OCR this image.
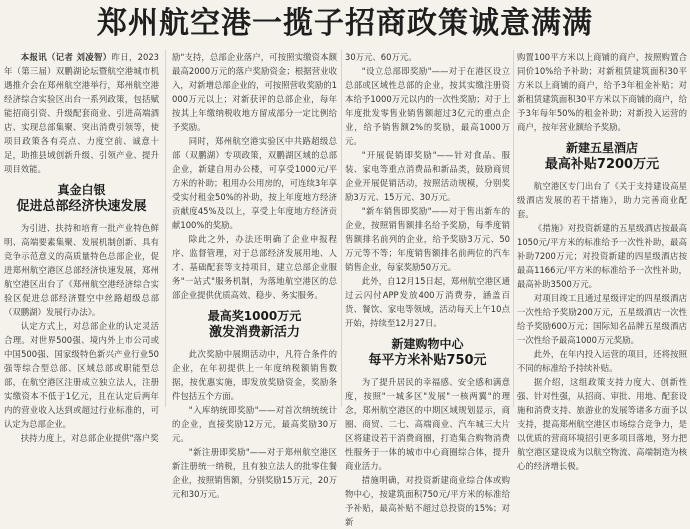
郑州航空港一揽子招商政策诚意满满

本报讯（记者 刘凌智）昨日，2023年（第三届）双鹏湖论坛暨航空港城市机遇推介会在郑州航空港举行，郑州航空港经济综合实验区出台一系列政策，包括赋能招商引资、升级配套商业、引进高端酒店、实现总部集聚、突出消费引领等，使项目政策各有亮点、力度空前、诚意十足，助推县域创新升级、引领产业、提升项目效能。

真金白银
促进总部经济快速发展

为引进、扶持和培育一批产业特色鲜明、高端要素集聚、发展机制创新、具有竞争示范意义的高质量特色总部企业，促进郑州航空港区总部经济快速发展，郑州航空港区出台了《郑州航空港经济综合实验区促进总部经济暨空中丝路超级总部（双鹏湖）发展行办法》。

认定方式上，对总部企业的认定灵活合理。对世界500强、境内外上市公司或中国500强、国家级特色新兴产业行业50强等综合型总部、区域总部或职能型总部，在航空港区注册成立独立法人，注册实缴资本不低于1亿元，且在认定后两年内的营业收入达到或超过行业标准的，可认定为总部企业。

扶持力度上，对总部企业提供"落户奖

励"支持，总部企业落户，可按照实缴资本额最高2000万元的落户奖励资金；根据营业收入，对新增总部企业的，可按照营收奖励的1000万元以上；对新获评的总部企业，每年按其上年缴纳税收地方留成部分一定比例给予奖励。

同时，郑州航空港实验区中共路超级总部（双鹏湖）专项政策，双鹏湖区域的总部企业，新建自用办公楼，可享受1000元/平方米的补助；租用办公用房的，可连续3年享受实付租金50%的补助，按上年度地方经济贡献度45%及以上，享受上年度地方经济贡献100%的奖励。

除此之外，办法还明确了企业申报程序、监督管理，对于总部经济发展用地、人才、基础配套等支持项目，建立总部企业服务"一站式"服务机制，为落地航空港区的总部企业提供优质高效、稳步、务实服务。

最高奖1000万元
激发消费新活力

此次奖励中展期活动中，凡符合条件的企业，在年初提供上一年度纳税额销售数据，按优惠实施，即发放奖励资金，奖励条件包括五个方面。

"入库纳统即奖励"——对首次纳统统计的企业，直接奖励12万元，最高奖励30万元。

"新注册即奖励"——对于郑州航空港区新注册统一纳税，且有独立法人的批零住餐企业，按照销售额，分别奖励15万元，20万元和30万元。

30万元、60万元。

"设立总部即奖励"——对于在港区设立总部或区域性总部的企业，按其实缴注册资本给予1000万元以内的一次性奖励；对于上年度批发零售业销售额超过3亿元的重点企业，给予销售额2%的奖励，最高1000万元。

"开展促销即奖励"——针对食品、服装、家电等重点消费品和新品类，鼓励商贸企业开展促销活动，按照活动规模，分别奖励3万元、15万元、30万元。

"新车销售即奖励"——对于售出新车的企业，按照销售额排名给予奖励，每季度销售额排名前列的企业，给予奖励3万元、50万元等不等；年度销售额排名前两位的汽车销售企业，每家奖励50万元。

此外，自12月15日起，郑州航空港区通过云闪付APP发放400万消费券，涵盖百货、餐饮、家电等领域，活动每天上午10点开始，持续至12月27日。

新建购物中心
每平方米补贴750元

为了提升居民的幸福感、安全感和满意度，按照"一城多区"发展"一核两翼"的理念，郑州航空港区的中期区域规划显示，商圈、商贸、二七、高端商业、汽车城三大片区将建设若干消费商圈，打造集合购物消费性服务于一体的城市中心商圈综合体，提升商业活力。

措施明确，对投资新建商业综合体或购物中心，按建筑面积750元/平方米的标准给予补贴，最高补贴不超过总投资的15%；对新

购置100平方米以上商铺的商户，按照购置合同价10%给予补助；对新租赁建筑面积30平方米以上商铺的商户，给予3年租金补贴；对新租赁建筑面积30平方米以下商铺的商户，给予3年每年50%的租金补助；对新投入运营的商户，按年营业额给予奖励。

新建五星酒店
最高补贴7200万元

航空港区专门出台了《关于支持建设高星级酒店发展的若干措施》，助力完善商业配套。

《措施》对投资新建的五星级酒店按最高1050元/平方米的标准给予一次性补助，最高补助7200万元；对投资新建的四星级酒店按最高1166元/平方米的标准给予一次性补助，最高补助3500万元。

对项目竣工且通过星级评定的四星级酒店一次性给予奖励200万元，五星级酒店一次性给予奖励600万元；国际知名品牌五星级酒店一次性给予最高1000万元奖励。

此外，在年内投入运营的项目，还将按照不同的标准给予持续补贴。

据介绍，这组政策支持力度大、创新性强、针对性强，从招商、审批、用地、配套设施和消费支持、旅游业的发展等诸多方面予以支持，提高郑州航空港区市场综合竞争力，是以优质的营商环境招引更多项目落地，努力把航空港区建设成为以航空物流、高端制造为核心的经济增长极。
